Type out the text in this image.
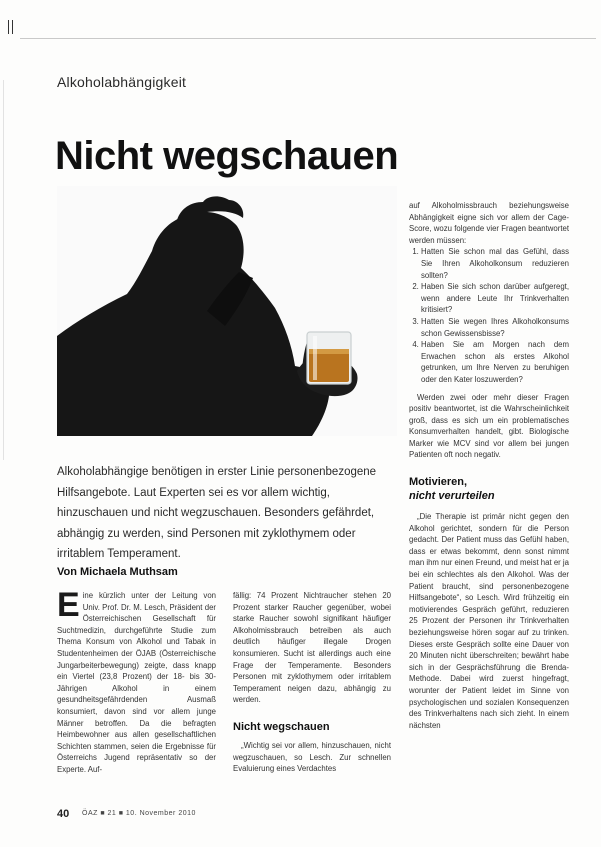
Alkoholabhängigkeit
Nicht wegschauen
Alkoholabhängige benötigen in erster Linie personenbezogene Hilfsangebote. Laut Experten sei es vor allem wichtig, hinzuschauen und nicht wegzuschauen. Besonders gefährdet, abhängig zu werden, sind Personen mit zyklothymem oder irritablem Temperament.
Von Michaela Muthsam

Eine kürzlich unter der Leitung von Univ. Prof. Dr. M. Lesch, Präsident der Österreichischen Gesellschaft für Suchtmedizin, durchgeführte Studie zum Thema Konsum von Alkohol und Tabak in Studentenheimen der ÖJAB (Österreichische Jungarbeiterbewegung) zeigte, dass knapp ein Viertel (23,8 Prozent) der 18- bis 30-Jährigen Alkohol in einem gesundheitsgefährdenden Ausmaß konsumiert, davon sind vor allem junge Männer betroffen. Da die befragten Heimbewohner aus allen gesellschaftlichen Schichten stammen, seien die Ergebnisse für Österreichs Jugend repräsentativ so der Experte. Auf-

fällig: 74 Prozent Nichtraucher stehen 20 Prozent starker Raucher gegenüber, wobei starke Raucher sowohl signifikant häufiger Alkoholmissbrauch betreiben als auch deutlich häufiger illegale Drogen konsumieren. Sucht ist allerdings auch eine Frage der Temperamente. Besonders Personen mit zyklothymem oder irritablem Temperament neigen dazu, abhängig zu werden.

Nicht wegschauen

„Wichtig sei vor allem, hinzuschauen, nicht wegzuschauen, so Lesch. Zur schnellen Evaluierung eines Verdachtes

auf Alkoholmissbrauch beziehungsweise Abhängigkeit eigne sich vor allem der Cage-Score, wozu folgende vier Fragen beantwortet werden müssen:

1. Hatten Sie schon mal das Gefühl, dass Sie Ihren Alkoholkonsum reduzieren sollten?
2. Haben Sie sich schon darüber aufgeregt, wenn andere Leute Ihr Trinkverhalten kritisiert?
3. Hatten Sie wegen Ihres Alkoholkonsums schon Gewissensbisse?
4. Haben Sie am Morgen nach dem Erwachen schon als erstes Alkohol getrunken, um Ihre Nerven zu beruhigen oder den Kater loszuwerden?

Werden zwei oder mehr dieser Fragen positiv beantwortet, ist die Wahrscheinlichkeit groß, dass es sich um ein problematisches Konsumverhalten handelt, gibt. Biologische Marker wie MCV sind vor allem bei jungen Patienten oft noch negativ.

Motivieren,
nicht verurteilen

„Die Therapie ist primär nicht gegen den Alkohol gerichtet, sondern für die Person gedacht. Der Patient muss das Gefühl haben, dass er etwas bekommt, denn sonst nimmt man ihm nur einen Freund, und meist hat er ja bei ein schlechtes als den Alkohol. Was der Patient braucht, sind personenbezogene Hilfsangebote“, so Lesch. Wird frühzeitig ein motivierendes Gespräch geführt, reduzieren 25 Prozent der Personen ihr Trinkverhalten beziehungsweise hören sogar auf zu trinken. Dieses erste Gespräch sollte eine Dauer von 20 Minuten nicht überschreiten; bewährt habe sich in der Gesprächsführung die Brenda-Methode. Dabei wird zuerst hingefragt, worunter der Patient leidet im Sinne von psychologischen und sozialen Konsequenzen des Trinkverhaltens nach sich zieht. In einem nächsten

40 ÖAZ ■ 21 ■ 10. November 2010
